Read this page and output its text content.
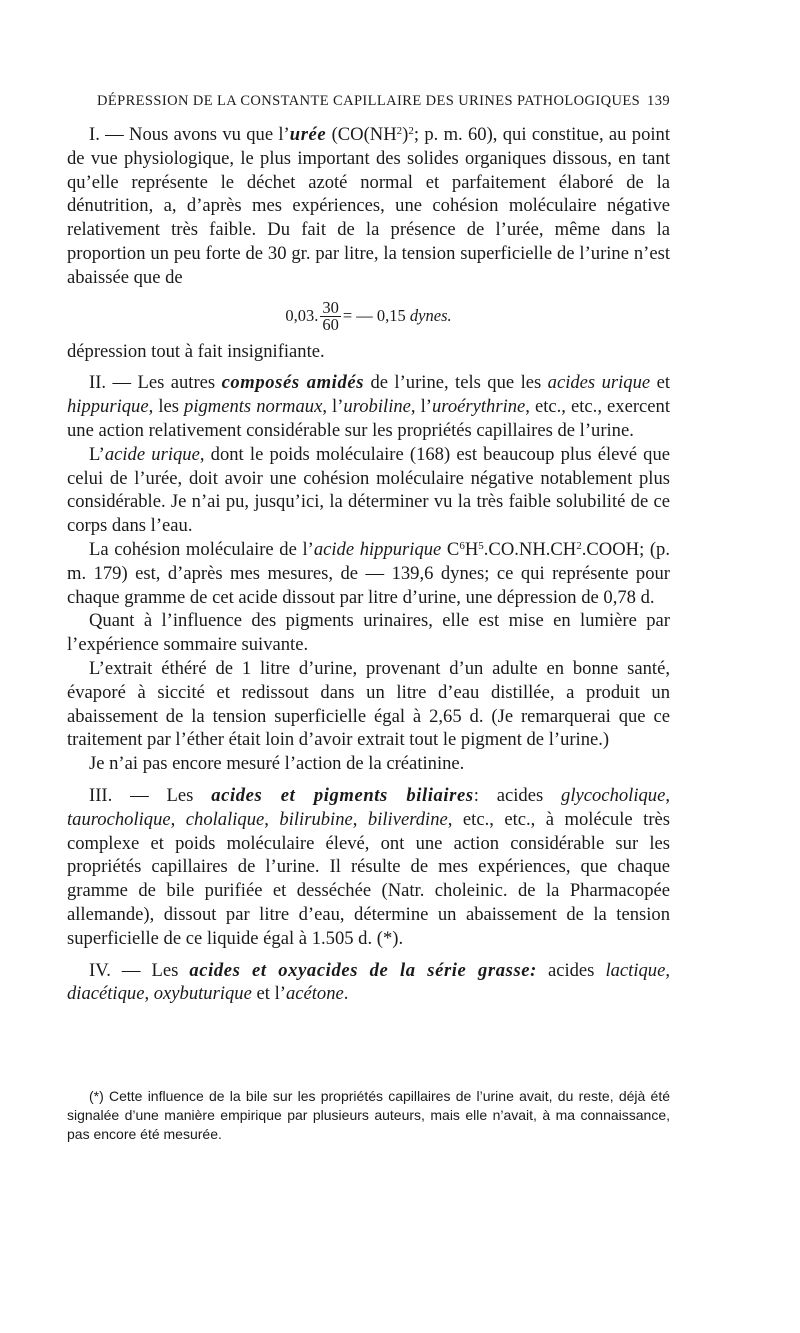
DÉPRESSION DE LA CONSTANTE CAPILLAIRE DES URINES PATHOLOGIQUES 139

I. — Nous avons vu que l’urée ($CO(NH^2)^2$; p. m. 60), qui constitue, au point de vue physiologique, le plus important des solides organiques dissous, en tant qu’elle représente le déchet azoté normal et parfaitement élaboré de la dénutrition, a, d’après mes expériences, une cohésion moléculaire négative relativement très faible. Du fait de la présence de l’urée, même dans la proportion un peu forte de 30 gr. par litre, la tension superficielle de l’urine n’est abaissée que de

0,03. $\frac{30}{60}$ = — 0,15 dynes.

dépression tout à fait insignifiante.

II. — Les autres composés amidés de l’urine, tels que les acides urique et hippurique, les pigments normaux, l’urobiline, l’uroérythrine, etc., etc., exercent une action relativement considérable sur les propriétés capillaires de l’urine.

L’acide urique, dont le poids moléculaire (168) est beaucoup plus élevé que celui de l’urée, doit avoir une cohésion moléculaire négative notablement plus considérable. Je n’ai pu, jusqu’ici, la déterminer vu la très faible solubilité de ce corps dans l’eau.

La cohésion moléculaire de l’acide hippurique $C^6H^5.CO.NH.CH^2.COOH$; (p. m. 179) est, d’après mes mesures, de — 139,6 dynes; ce qui représente pour chaque gramme de cet acide dissout par litre d’urine, une dépression de 0,78 d.

Quant à l’influence des pigments urinaires, elle est mise en lumière par l’expérience sommaire suivante.

L’extrait éthéré de 1 litre d’urine, provenant d’un adulte en bonne santé, évaporé à siccité et redissout dans un litre d’eau distillée, a produit un abaissement de la tension superficielle égal à 2,65 d. (Je remarquerai que ce traitement par l’éther était loin d’avoir extrait tout le pigment de l’urine.)

Je n’ai pas encore mesuré l’action de la créatinine.

III. — Les acides et pigments biliaires: acides glycocholique, taurocholique, cholalique, bilirubine, biliverdine, etc., etc., à molécule très complexe et poids moléculaire élevé, ont une action considérable sur les propriétés capillaires de l’urine. Il résulte de mes expériences, que chaque gramme de bile purifiée et desséchée (Natr. choleinic. de la Pharmacopée allemande), dissout par litre d’eau, détermine un abaissement de la tension superficielle de ce liquide égal à 1.505 d. (*).

IV. — Les acides et oxyacides de la série grasse: acides lactique, diacétique, oxybuturique et l’acétone.

(*) Cette influence de la bile sur les propriétés capillaires de l’urine avait, du reste, déjà été signalée d’une manière empirique par plusieurs auteurs, mais elle n’avait, à ma connaissance, pas encore été mesurée.
